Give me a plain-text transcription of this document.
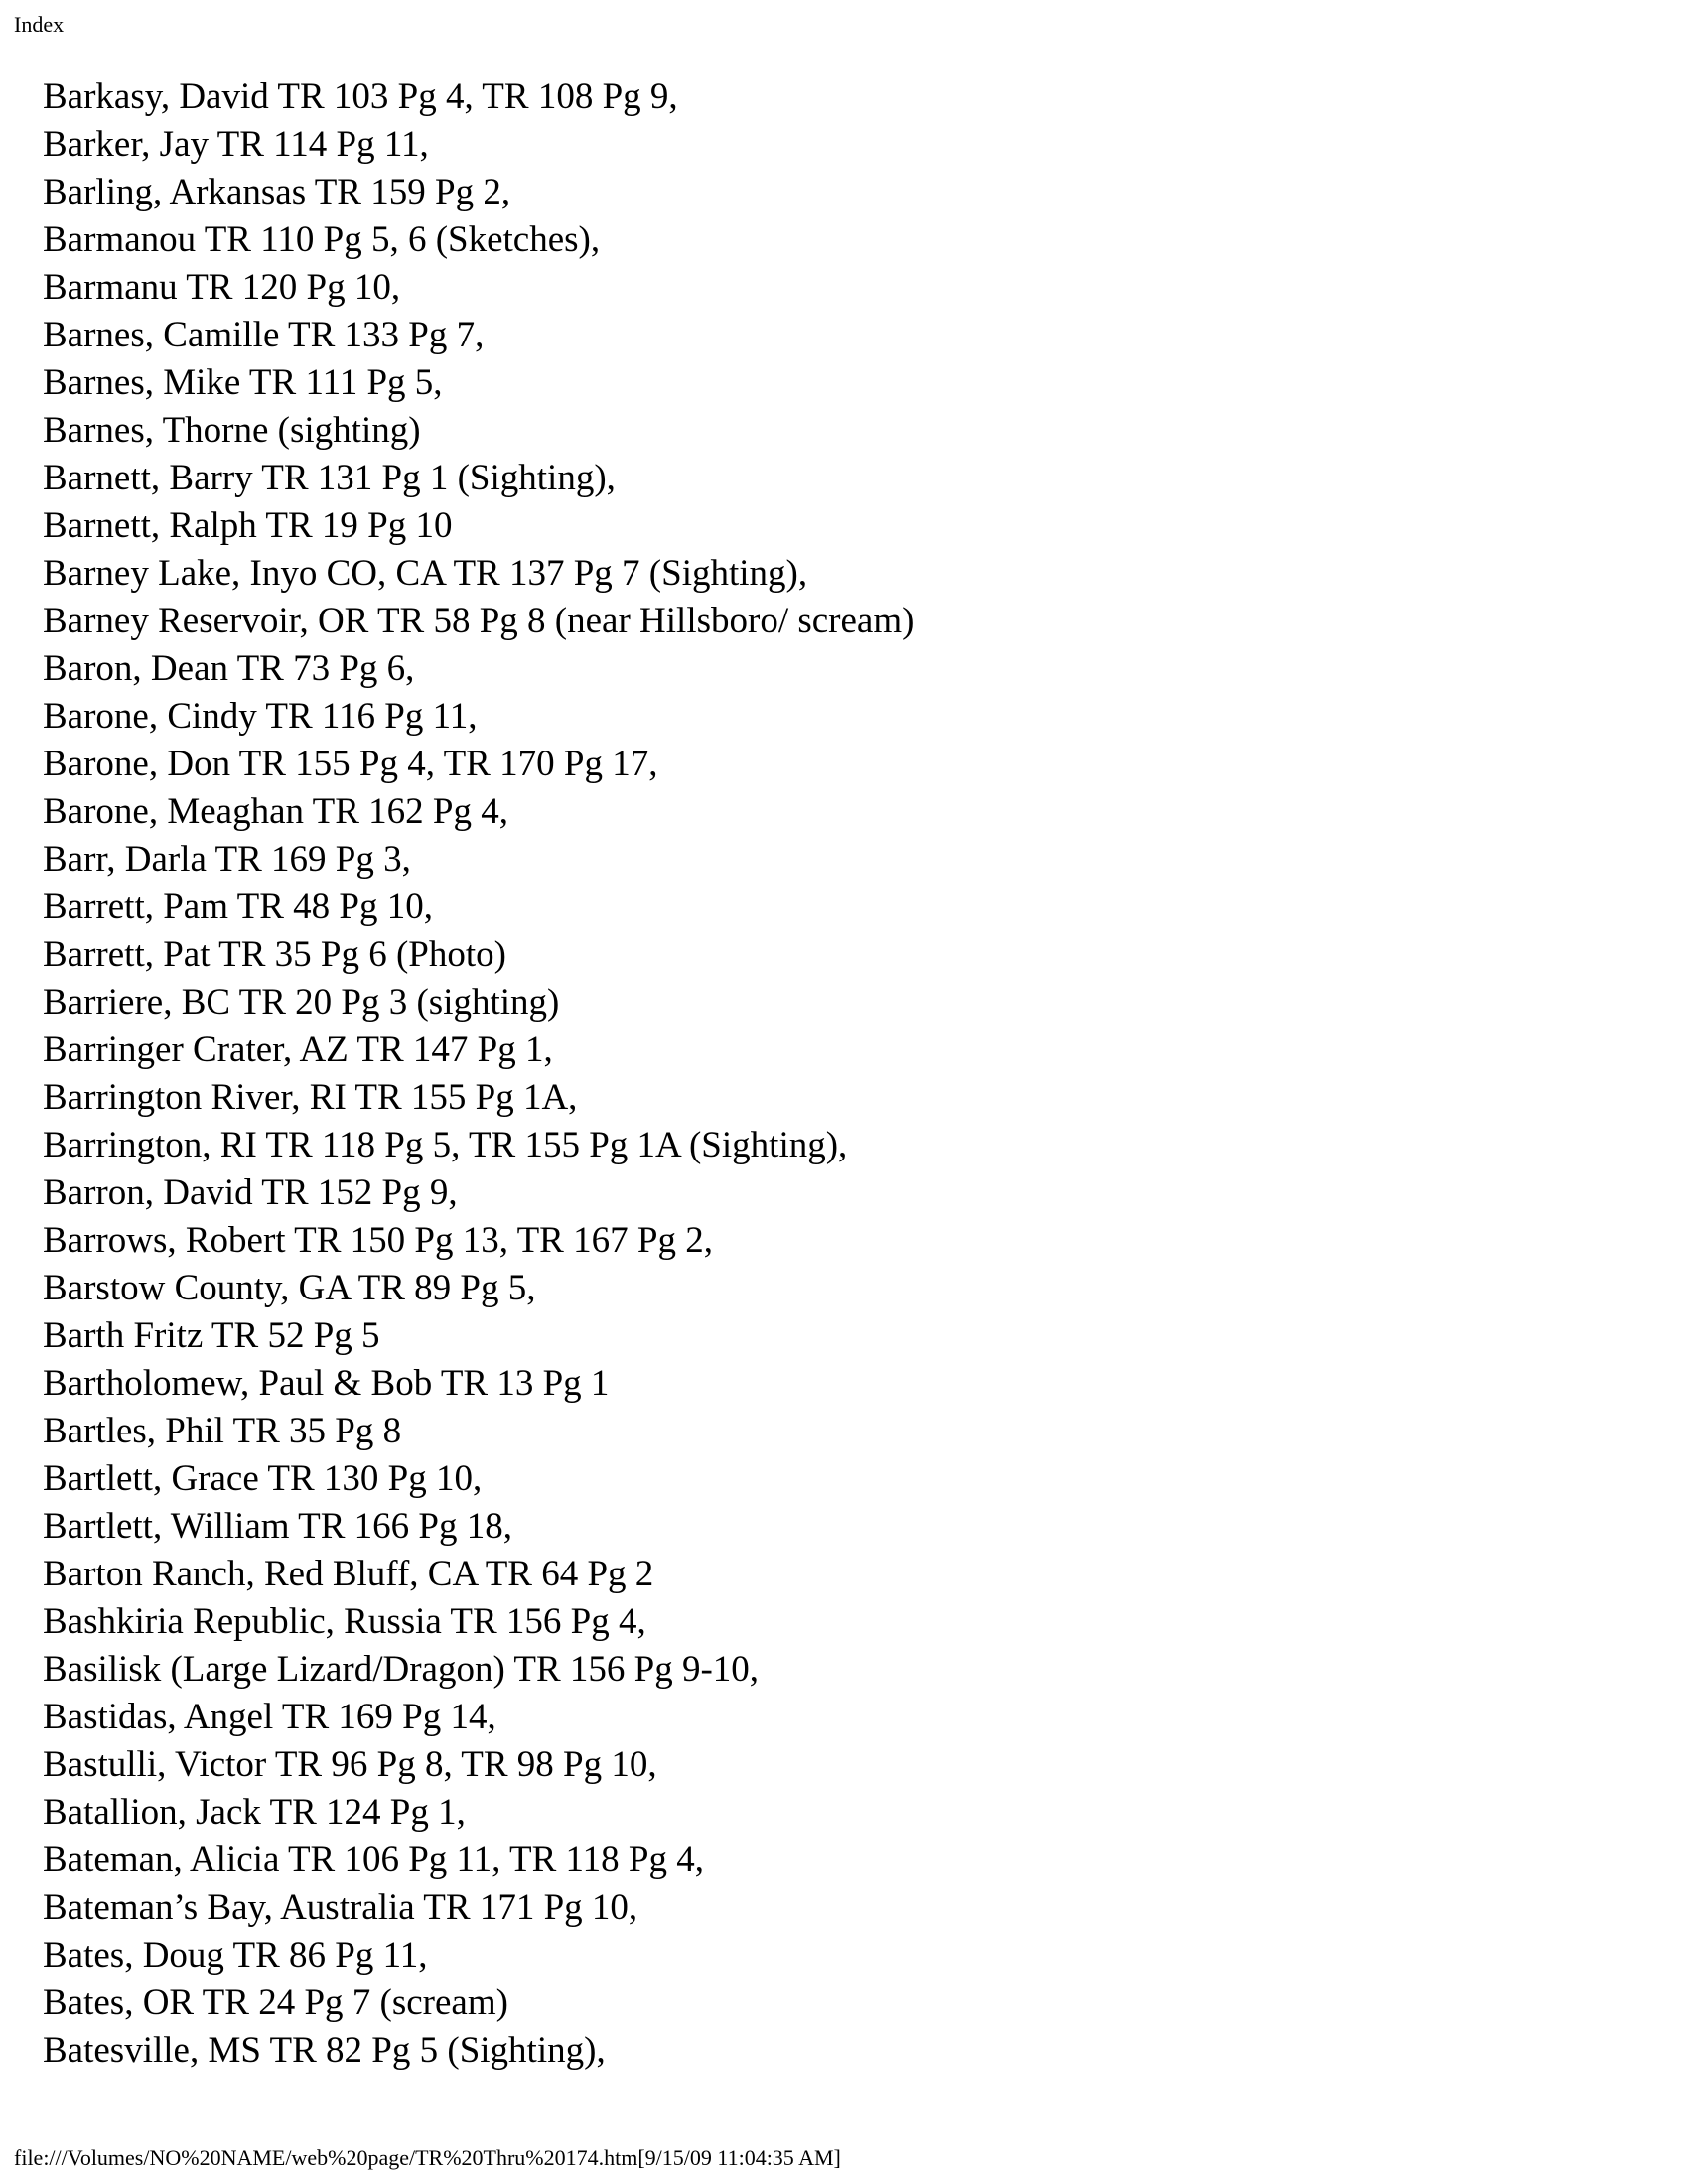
Index
Barkasy, David TR 103 Pg 4, TR 108 Pg 9,
Barker, Jay TR 114 Pg 11,
Barling, Arkansas TR 159 Pg 2,
Barmanou TR 110 Pg 5, 6 (Sketches),
Barmanu TR 120 Pg 10,
Barnes, Camille TR 133 Pg 7,
Barnes, Mike TR 111 Pg 5,
Barnes, Thorne (sighting)
Barnett, Barry TR 131 Pg 1 (Sighting),
Barnett, Ralph TR 19 Pg 10
Barney Lake, Inyo CO, CA TR 137 Pg 7 (Sighting),
Barney Reservoir, OR TR 58 Pg 8 (near Hillsboro/ scream)
Baron, Dean TR 73 Pg 6,
Barone, Cindy TR 116 Pg 11,
Barone, Don TR 155 Pg 4, TR 170 Pg 17,
Barone, Meaghan TR 162 Pg 4,
Barr, Darla TR 169 Pg 3,
Barrett, Pam TR 48 Pg 10,
Barrett, Pat TR 35 Pg 6 (Photo)
Barriere, BC TR 20 Pg 3 (sighting)
Barringer Crater, AZ TR 147 Pg 1,
Barrington River, RI TR 155 Pg 1A,
Barrington, RI TR 118 Pg 5, TR 155 Pg 1A (Sighting),
Barron, David TR 152 Pg 9,
Barrows, Robert TR 150 Pg 13, TR 167 Pg 2,
Barstow County, GA TR 89 Pg 5,
Barth Fritz TR 52 Pg 5
Bartholomew, Paul & Bob TR 13 Pg 1
Bartles, Phil TR 35 Pg 8
Bartlett, Grace TR 130 Pg 10,
Bartlett, William TR 166 Pg 18,
Barton Ranch, Red Bluff, CA TR 64 Pg 2
Bashkiria Republic, Russia TR 156 Pg 4,
Basilisk (Large Lizard/Dragon) TR 156 Pg 9-10,
Bastidas, Angel TR 169 Pg 14,
Bastulli, Victor TR 96 Pg 8, TR 98 Pg 10,
Batallion, Jack TR 124 Pg 1,
Bateman, Alicia TR 106 Pg 11, TR 118 Pg 4,
Bateman’s Bay, Australia TR 171 Pg 10,
Bates, Doug TR 86 Pg 11,
Bates, OR TR 24 Pg 7 (scream)
Batesville, MS TR 82 Pg 5 (Sighting),
file:///Volumes/NO%20NAME/web%20page/TR%20Thru%20174.htm[9/15/09 11:04:35 AM]
